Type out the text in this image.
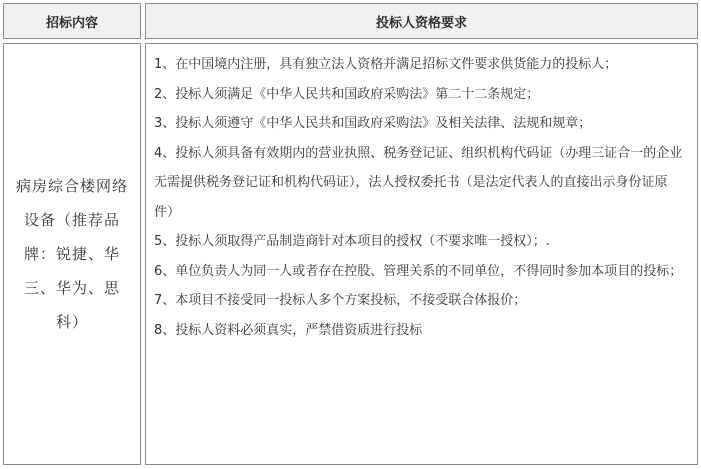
招标内容	投标人资格要求
病房综合楼网络设备（推荐品牌：锐捷、华三、华为、思科）

1、在中国境内注册，具有独立法人资格并满足招标文件要求供货能力的投标人；

2、投标人须满足《中华人民共和国政府采购法》第二十二条规定；

3、投标人须遵守《中华人民共和国政府采购法》及相关法律、法规和规章；

4、投标人须具备有效期内的营业执照、税务登记证、组织机构代码证（办理三证合一的企业无需提供税务登记证和机构代码证），法人授权委托书（是法定代表人的直接出示身份证原件）

5、投标人须取得产品制造商针对本项目的授权（不要求唯一授权）；.

6、单位负责人为同一人或者存在控股、管理关系的不同单位，不得同时参加本项目的投标；

7、本项目不接受同一投标人多个方案投标，不接受联合体报价；

8、投标人资料必须真实，严禁借资质进行投标
